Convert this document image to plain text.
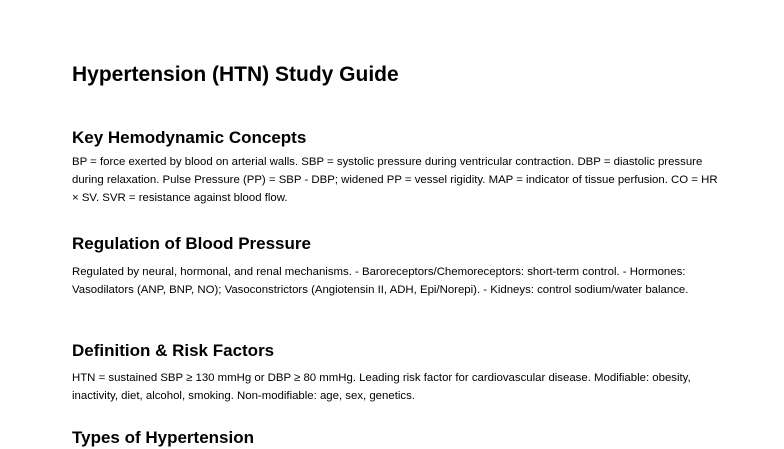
Hypertension (HTN) Study Guide
Key Hemodynamic Concepts

BP = force exerted by blood on arterial walls. SBP = systolic pressure during ventricular contraction. DBP = diastolic pressure during relaxation. Pulse Pressure (PP) = SBP - DBP; widened PP = vessel rigidity. MAP = indicator of tissue perfusion. CO = HR × SV. SVR = resistance against blood flow.

Regulation of Blood Pressure

Regulated by neural, hormonal, and renal mechanisms. - Baroreceptors/Chemoreceptors: short-term control. - Hormones: Vasodilators (ANP, BNP, NO); Vasoconstrictors (Angiotensin II, ADH, Epi/Norepi). - Kidneys: control sodium/water balance.

Definition & Risk Factors

HTN = sustained SBP ≥ 130 mmHg or DBP ≥ 80 mmHg. Leading risk factor for cardiovascular disease. Modifiable: obesity, inactivity, diet, alcohol, smoking. Non-modifiable: age, sex, genetics.

Types of Hypertension
